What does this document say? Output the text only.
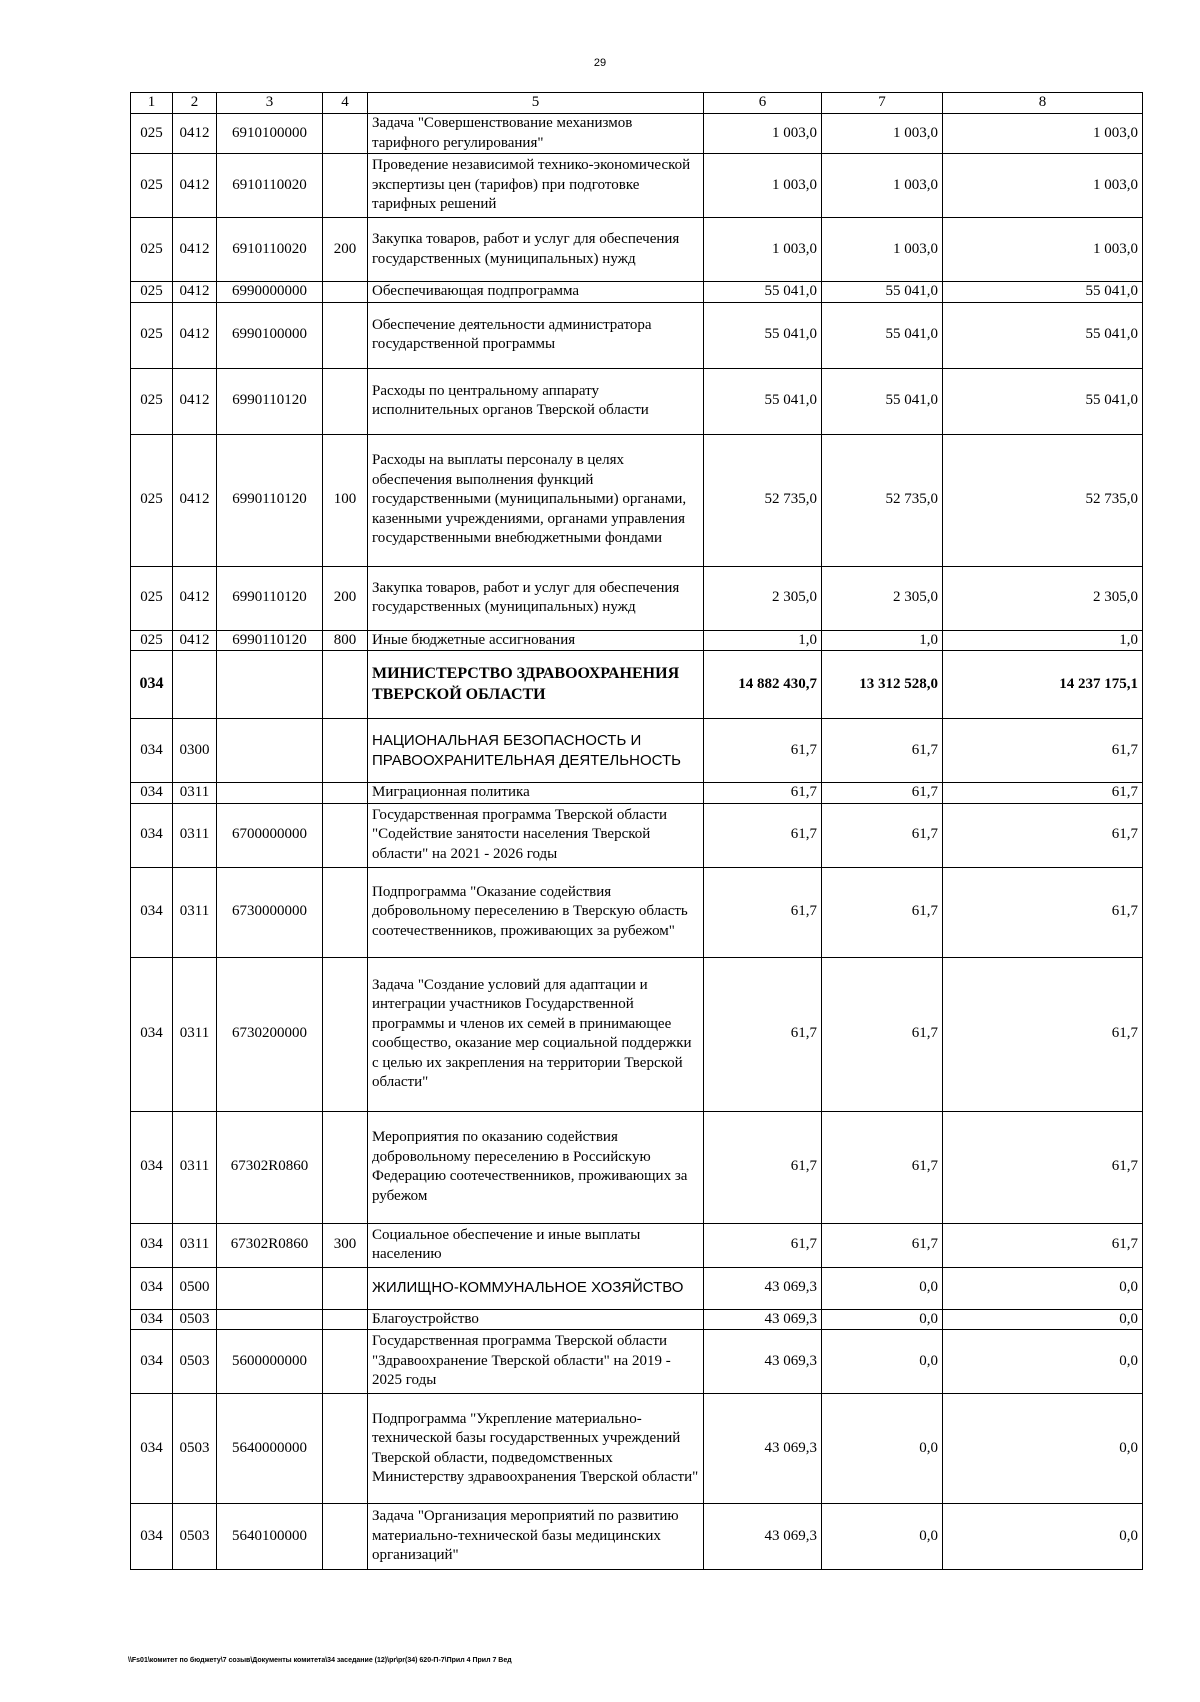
29
1	2	3	4	5	6	7	8
025	0412	6910100000		Задача "Совершенствование механизмов тарифного регулирования"	1 003,0	1 003,0	1 003,0
025	0412	6910110020		Проведение независимой технико-экономической экспертизы цен (тарифов) при подготовке тарифных решений	1 003,0	1 003,0	1 003,0
025	0412	6910110020	200	Закупка товаров, работ и услуг для обеспечения государственных (муниципальных) нужд	1 003,0	1 003,0	1 003,0
025	0412	6990000000		Обеспечивающая подпрограмма	55 041,0	55 041,0	55 041,0
025	0412	6990100000		Обеспечение деятельности администратора государственной программы	55 041,0	55 041,0	55 041,0
025	0412	6990110120		Расходы по центральному аппарату исполнительных органов Тверской области	55 041,0	55 041,0	55 041,0
025	0412	6990110120	100	Расходы на выплаты персоналу в целях обеспечения выполнения функций государственными (муниципальными) органами, казенными учреждениями, органами управления государственными внебюджетными фондами	52 735,0	52 735,0	52 735,0
025	0412	6990110120	200	Закупка товаров, работ и услуг для обеспечения государственных (муниципальных) нужд	2 305,0	2 305,0	2 305,0
025	0412	6990110120	800	Иные бюджетные ассигнования	1,0	1,0	1,0
034				МИНИСТЕРСТВО ЗДРАВООХРАНЕНИЯ ТВЕРСКОЙ ОБЛАСТИ	14 882 430,7	13 312 528,0	14 237 175,1
034	0300			НАЦИОНАЛЬНАЯ БЕЗОПАСНОСТЬ И ПРАВООХРАНИТЕЛЬНАЯ ДЕЯТЕЛЬНОСТЬ	61,7	61,7	61,7
034	0311			Миграционная политика	61,7	61,7	61,7
034	0311	6700000000		Государственная программа Тверской области "Содействие занятости населения Тверской области" на 2021 - 2026 годы	61,7	61,7	61,7
034	0311	6730000000		Подпрограмма "Оказание содействия добровольному переселению в Тверскую область соотечественников, проживающих за рубежом"	61,7	61,7	61,7
034	0311	6730200000		Задача "Создание условий для адаптации и интеграции участников Государственной программы и членов их семей в принимающее сообщество, оказание мер социальной поддержки с целью их закрепления на территории Тверской области"	61,7	61,7	61,7
034	0311	67302R0860		Мероприятия по оказанию содействия добровольному переселению в Российскую Федерацию соотечественников, проживающих за рубежом	61,7	61,7	61,7
034	0311	67302R0860	300	Социальное обеспечение и иные выплаты населению	61,7	61,7	61,7
034	0500			ЖИЛИЩНО-КОММУНАЛЬНОЕ ХОЗЯЙСТВО	43 069,3	0,0	0,0
034	0503			Благоустройство	43 069,3	0,0	0,0
034	0503	5600000000		Государственная программа Тверской области "Здравоохранение Тверской области" на 2019 - 2025 годы	43 069,3	0,0	0,0
034	0503	5640000000		Подпрограмма "Укрепление материально-технической базы государственных учреждений Тверской области, подведомственных Министерству здравоохранения Тверской области"	43 069,3	0,0	0,0
034	0503	5640100000		Задача "Организация мероприятий по развитию материально-технической базы медицинских организаций"	43 069,3	0,0	0,0
\\Fs01\комитет по бюджету\7 созыв\Документы комитета\34 заседание (12)\pr\pr(34) 620-П-7\Прил 4 Прил 7 Вед
